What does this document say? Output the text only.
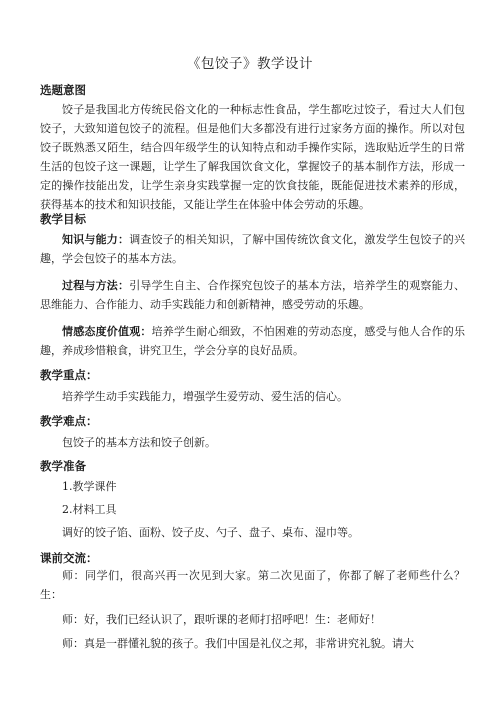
《包饺子》教学设计
选题意图

饺子是我国北方传统民俗文化的一种标志性食品，学生都吃过饺子，看过大人们包饺子，大致知道包饺子的流程。但是他们大多都没有进行过家务方面的操作。所以对包饺子既熟悉又陌生，结合四年级学生的认知特点和动手操作实际，选取贴近学生的日常生活的包饺子这一课题，让学生了解我国饮食文化，掌握饺子的基本制作方法，形成一定的操作技能出发，让学生亲身实践掌握一定的饮食技能，既能促进技术素养的形成，获得基本的技术和知识技能，又能让学生在体验中体会劳动的乐趣。

教学目标

知识与能力：调查饺子的相关知识，了解中国传统饮食文化，激发学生包饺子的兴趣，学会包饺子的基本方法。

过程与方法：引导学生自主、合作探究包饺子的基本方法，培养学生的观察能力、思维能力、合作能力、动手实践能力和创新精神，感受劳动的乐趣。

情感态度价值观：培养学生耐心细致，不怕困难的劳动态度，感受与他人合作的乐趣，养成珍惜粮食，讲究卫生，学会分享的良好品质。

教学重点：

培养学生动手实践能力，增强学生爱劳动、爱生活的信心。

教学难点：

包饺子的基本方法和饺子创新。

教学准备

1.教学课件

2.材料工具

调好的饺子馅、面粉、饺子皮、勺子、盘子、桌布、湿巾等。

课前交流：

师：同学们，很高兴再一次见到大家。第二次见面了，你都了解了老师些什么？生：

师：好，我们已经认识了，跟听课的老师打招呼吧！生：老师好！

师：真是一群懂礼貌的孩子。我们中国是礼仪之邦，非常讲究礼貌。请大
